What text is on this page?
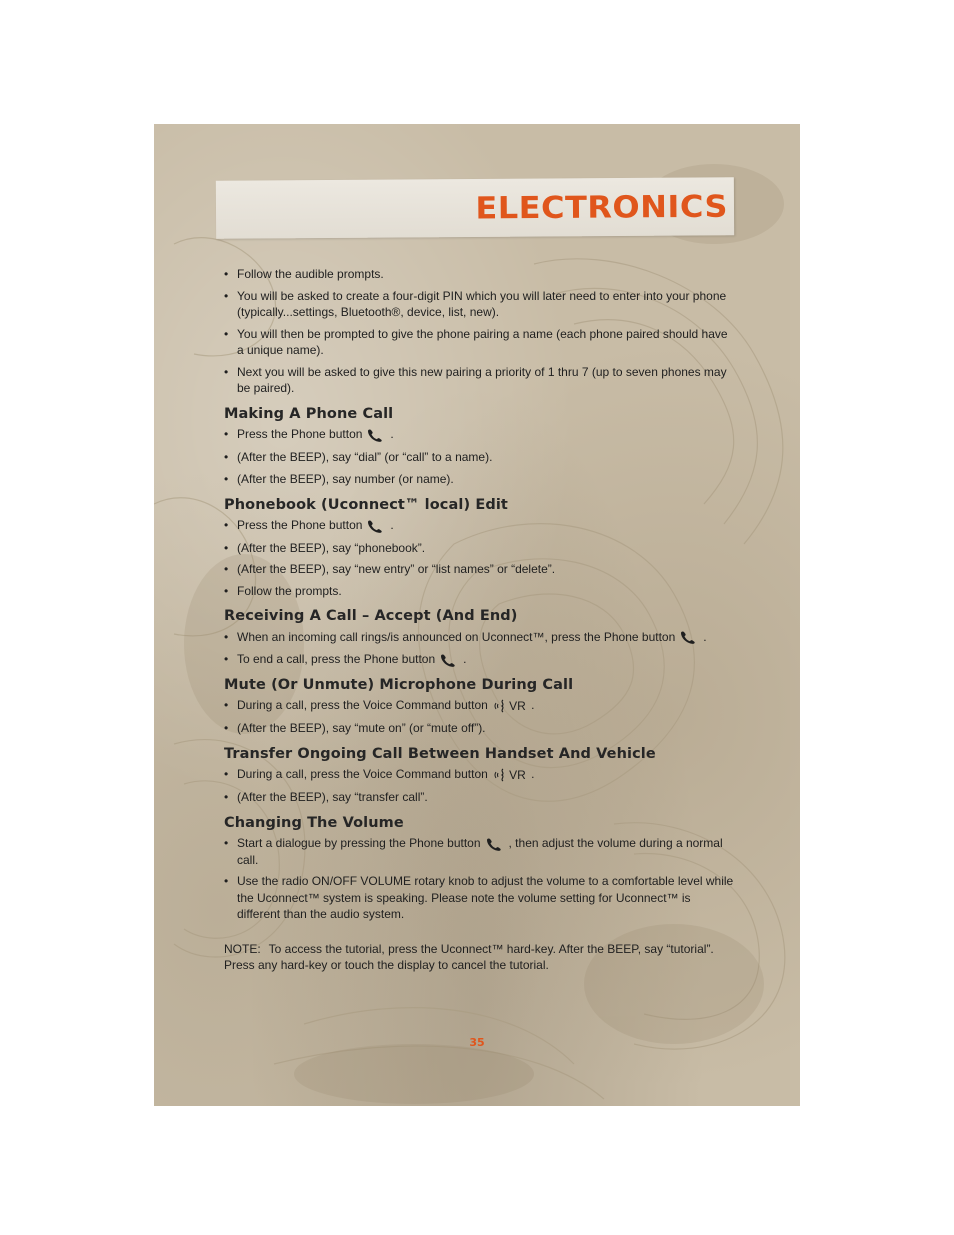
ELECTRONICS
• Follow the audible prompts.
• You will be asked to create a four-digit PIN which you will later need to enter into your phone (typically...settings, Bluetooth®, device, list, new).
• You will then be prompted to give the phone pairing a name (each phone paired should have a unique name).
• Next you will be asked to give this new pairing a priority of 1 thru 7 (up to seven phones may be paired).
Making A Phone Call
• Press the Phone button .
• (After the BEEP), say “dial” (or “call” to a name).
• (After the BEEP), say number (or name).
Phonebook (Uconnect™ local) Edit
• Press the Phone button .
• (After the BEEP), say “phonebook”.
• (After the BEEP), say “new entry” or “list names” or “delete”.
• Follow the prompts.
Receiving A Call – Accept (And End)
• When an incoming call rings/is announced on Uconnect™, press the Phone button .
• To end a call, press the Phone button .
Mute (Or Unmute) Microphone During Call
• During a call, press the Voice Command button VR .
• (After the BEEP), say “mute on” (or “mute off”).
Transfer Ongoing Call Between Handset And Vehicle
• During a call, press the Voice Command button VR .
• (After the BEEP), say “transfer call”.
Changing The Volume
• Start a dialogue by pressing the Phone button , then adjust the volume during a normal call.
• Use the radio ON/OFF VOLUME rotary knob to adjust the volume to a comfortable level while the Uconnect™ system is speaking. Please note the volume setting for Uconnect™ is different than the audio system.

NOTE: To access the tutorial, press the Uconnect™ hard-key. After the BEEP, say “tutorial”. Press any hard-key or touch the display to cancel the tutorial.

35
